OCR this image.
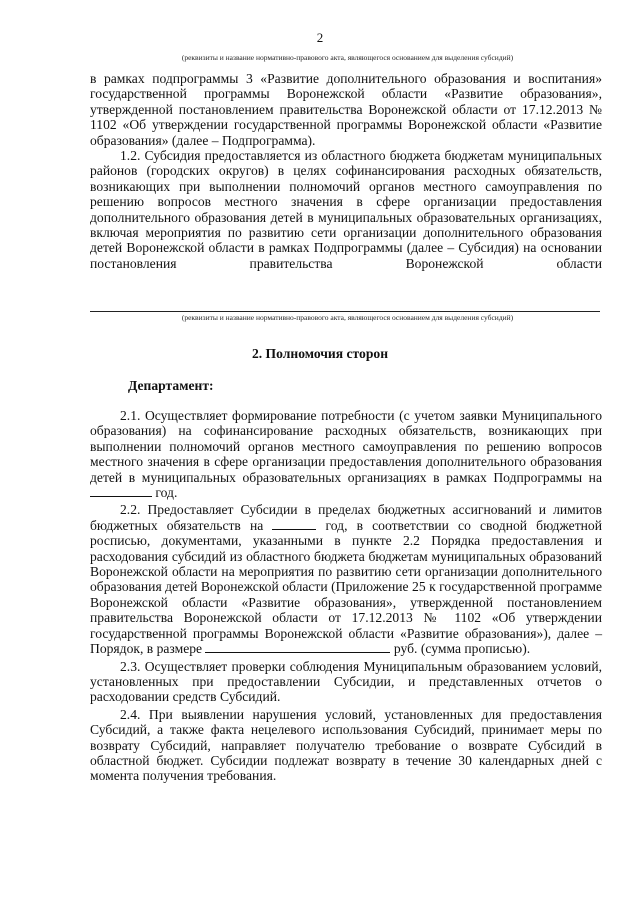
2
(реквизиты и название нормативно-правового акта, являющегося основанием для выделения субсидий)

в рамках подпрограммы 3 «Развитие дополнительного образования и воспитания» государственной программы Воронежской области «Развитие образования», утвержденной постановлением правительства Воронежской области от 17.12.2013 № 1102 «Об утверждении государственной программы Воронежской области «Развитие образования» (далее – Подпрограмма).

1.2. Субсидия предоставляется из областного бюджета бюджетам муниципальных районов (городских округов) в целях софинансирования расходных обязательств, возникающих при выполнении полномочий органов местного самоуправления по решению вопросов местного значения в сфере организации предоставления дополнительного образования детей в муниципальных образовательных организациях, включая мероприятия по развитию сети организации дополнительного образования детей Воронежской области в рамках Подпрограммы (далее – Субсидия) на основании постановления правительства Воронежской области

(реквизиты и название нормативно-правового акта, являющегося основанием для выделения субсидий)
2. Полномочия сторон
Департамент:

2.1. Осуществляет формирование потребности (с учетом заявки Муниципального образования) на софинансирование расходных обязательств, возникающих при выполнении полномочий органов местного самоуправления по решению вопросов местного значения в сфере организации предоставления дополнительного образования детей в муниципальных образовательных организациях в рамках Подпрограммы на  год.

2.2. Предоставляет Субсидии в пределах бюджетных ассигнований и лимитов бюджетных обязательств на	год, в соответствии со сводной бюджетной росписью, документами, указанными в пункте 2.2 Порядка предоставления и расходования субсидий из областного бюджета бюджетам муниципальных образований Воронежской области на мероприятия по развитию сети организации дополнительного образования детей Воронежской области (Приложение 25 к государственной программе Воронежской области «Развитие образования», утвержденной постановлением правительства Воронежской области от 17.12.2013 № 1102 «Об утверждении государственной программы Воронежской области «Развитие образования»), далее – Порядок, в размере	руб. (сумма прописью).

2.3. Осуществляет проверки соблюдения Муниципальным образованием условий, установленных при предоставлении Субсидии, и представленных отчетов о расходовании средств Субсидий.

2.4. При выявлении нарушения условий, установленных для предоставления Субсидий, а также факта нецелевого использования Субсидий, принимает меры по возврату Субсидий, направляет получателю требование о возврате Субсидий в областной бюджет. Субсидии подлежат возврату в течение 30 календарных дней с момента получения требования.
